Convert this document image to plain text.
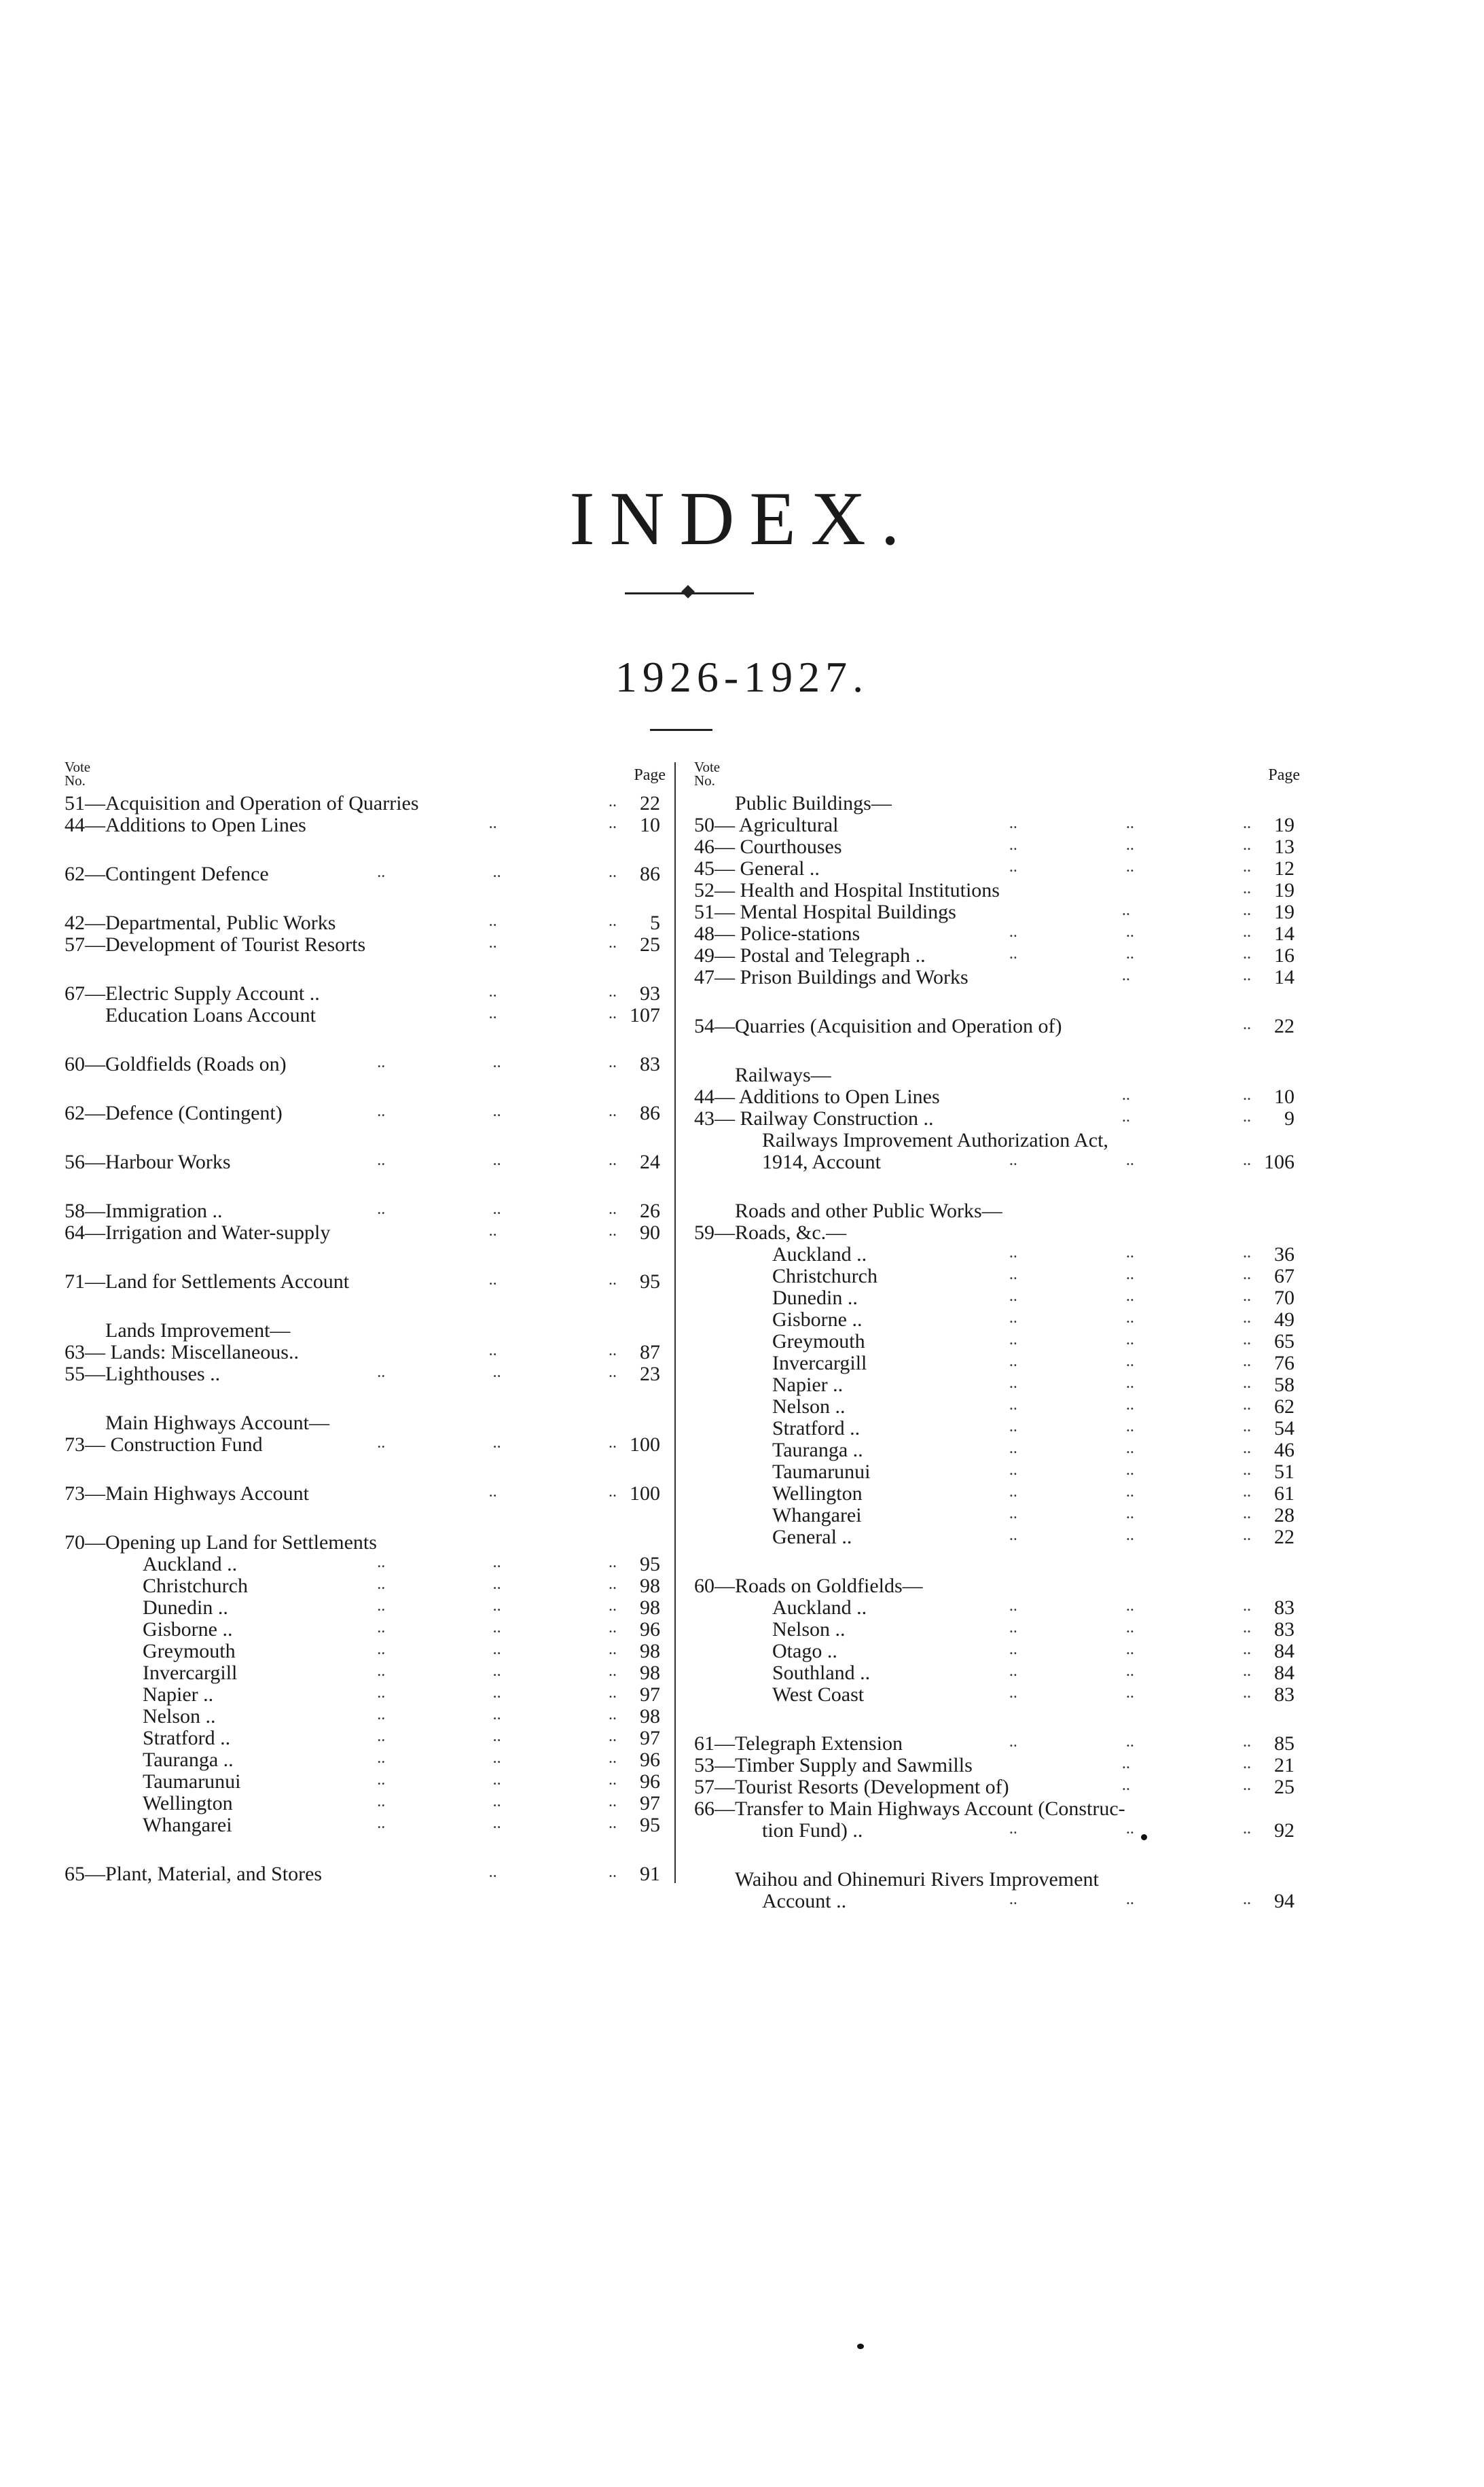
INDEX.
1926-1927.
Vote
No.	Page
51—Acquisition and Operation of Quarries	.. 22
44—Additions to Open Lines	..	.. 10
62—Contingent Defence	..	..	.. 86
42—Departmental, Public Works	..	.. 5
57—Development of Tourist Resorts	..	.. 25
67—Electric Supply Account ..	..	.. 93
Education Loans Account	..	.. 107
60—Goldfields (Roads on)	..	..	.. 83
62—Defence (Contingent)	..	..	.. 86
56—Harbour Works	..	..	.. 24
58—Immigration ..	..	..	.. 26
64—Irrigation and Water-supply	..	.. 90
71—Land for Settlements Account	..	.. 95
Lands Improvement—
63— Lands: Miscellaneous..	..	.. 87
55—Lighthouses ..	..	..	.. 23
Main Highways Account—
73— Construction Fund	..	..	.. 100
73—Main Highways Account	..	.. 100
70—Opening up Land for Settlements
Auckland ..	..	..	.. 95
Christchurch	..	..	.. 98
Dunedin ..	..	..	.. 98
Gisborne ..	..	..	.. 96
Greymouth	..	..	.. 98
Invercargill	..	..	.. 98
Napier ..	..	..	.. 97
Nelson ..	..	..	.. 98
Stratford ..	..	..	.. 97
Tauranga ..	..	..	.. 96
Taumarunui	..	..	.. 96
Wellington	..	..	.. 97
Whangarei	..	..	.. 95
65—Plant, Material, and Stores	..	.. 91
Vote
No.	Page
Public Buildings—
50— Agricultural	..	..	.. 19
46— Courthouses	..	..	.. 13
45— General ..	..	..	.. 12
52— Health and Hospital Institutions	.. 19
51— Mental Hospital Buildings	..	.. 19
48— Police-stations	..	..	.. 14
49— Postal and Telegraph ..	..	..	.. 16
47— Prison Buildings and Works	..	.. 14
54—Quarries (Acquisition and Operation of)	.. 22
Railways—
44— Additions to Open Lines	..	.. 10
43— Railway Construction ..	..	.. 9
Railways Improvement Authorization Act,
1914, Account	..	..	.. 106
Roads and other Public Works—
59—Roads, &c.—
Auckland ..	..	..	.. 36
Christchurch	..	..	.. 67
Dunedin ..	..	..	.. 70
Gisborne ..	..	..	.. 49
Greymouth	..	..	.. 65
Invercargill	..	..	.. 76
Napier ..	..	..	.. 58
Nelson ..	..	..	.. 62
Stratford ..	..	..	.. 54
Tauranga ..	..	..	.. 46
Taumarunui	..	..	.. 51
Wellington	..	..	.. 61
Whangarei	..	..	.. 28
General ..	..	..	.. 22
60—Roads on Goldfields—
Auckland ..	..	..	.. 83
Nelson ..	..	..	.. 83
Otago ..	..	..	.. 84
Southland ..	..	..	.. 84
West Coast	..	..	.. 83
61—Telegraph Extension	..	..	.. 85
53—Timber Supply and Sawmills	..	.. 21
57—Tourist Resorts (Development of)	..	.. 25
66—Transfer to Main Highways Account (Construc-
tion Fund) ..	..	..	.. 92
Waihou and Ohinemuri Rivers Improvement
Account ..	..	..	.. 94
